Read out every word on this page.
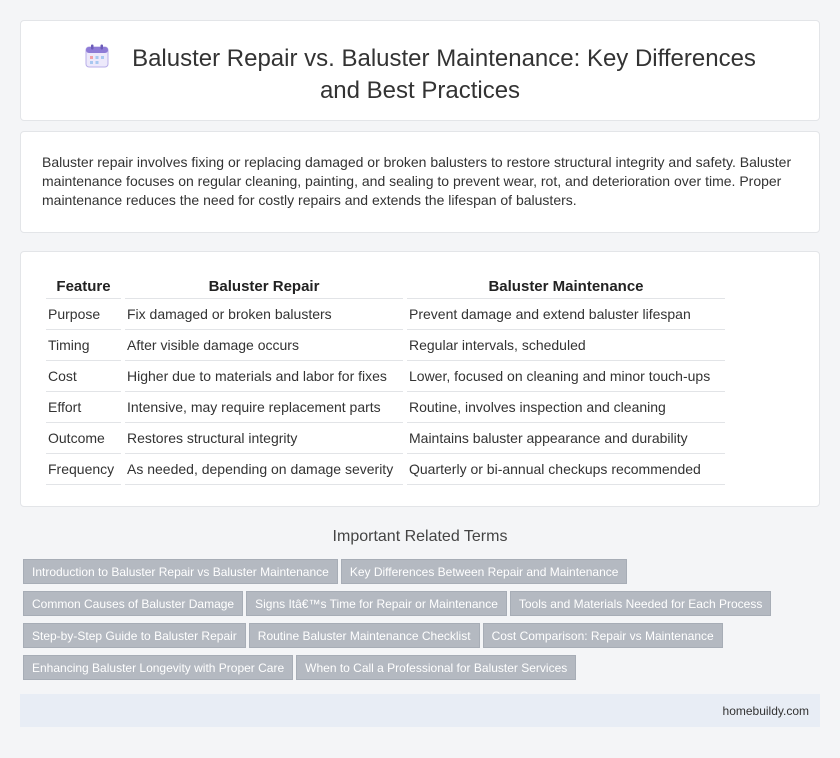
Baluster Repair vs. Baluster Maintenance: Key Differences and Best Practices

Baluster repair involves fixing or replacing damaged or broken balusters to restore structural integrity and safety. Baluster maintenance focuses on regular cleaning, painting, and sealing to prevent wear, rot, and deterioration over time. Proper maintenance reduces the need for costly repairs and extends the lifespan of balusters.

Feature	Baluster Repair	Baluster Maintenance
Purpose	Fix damaged or broken balusters	Prevent damage and extend baluster lifespan
Timing	After visible damage occurs	Regular intervals, scheduled
Cost	Higher due to materials and labor for fixes	Lower, focused on cleaning and minor touch-ups
Effort	Intensive, may require replacement parts	Routine, involves inspection and cleaning
Outcome	Restores structural integrity	Maintains baluster appearance and durability
Frequency	As needed, depending on damage severity	Quarterly or bi-annual checkups recommended
Important Related Terms
Introduction to Baluster Repair vs Baluster Maintenance Key Differences Between Repair and Maintenance
Common Causes of Baluster Damage Signs Itâ€™s Time for Repair or Maintenance Tools and Materials Needed for Each Process
Step-by-Step Guide to Baluster Repair Routine Baluster Maintenance Checklist Cost Comparison: Repair vs Maintenance
Enhancing Baluster Longevity with Proper Care When to Call a Professional for Baluster Services
homebuildy.com
